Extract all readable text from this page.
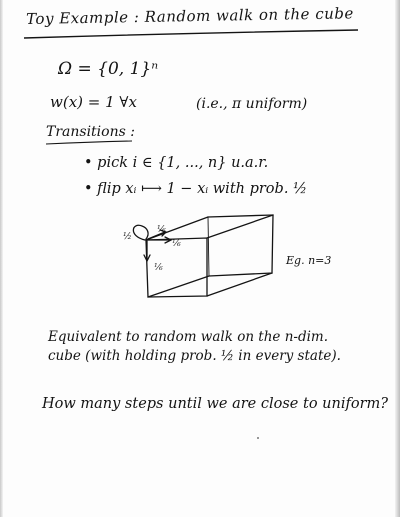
Toy Example : Random walk on the cube
Ω = {0, 1}ⁿ
w(x) = 1 ∀x	(i.e., π uniform)
Transitions :
• pick i ∈ {1, ..., n} u.a.r.
• flip xᵢ ⟼ 1 − xᵢ with prob. ½
⅙
½
⅙
⅙
Eg. n=3
Equivalent to random walk on the n-dim.
cube (with holding prob. ½ in every state).
How many steps until we are close to uniform?
